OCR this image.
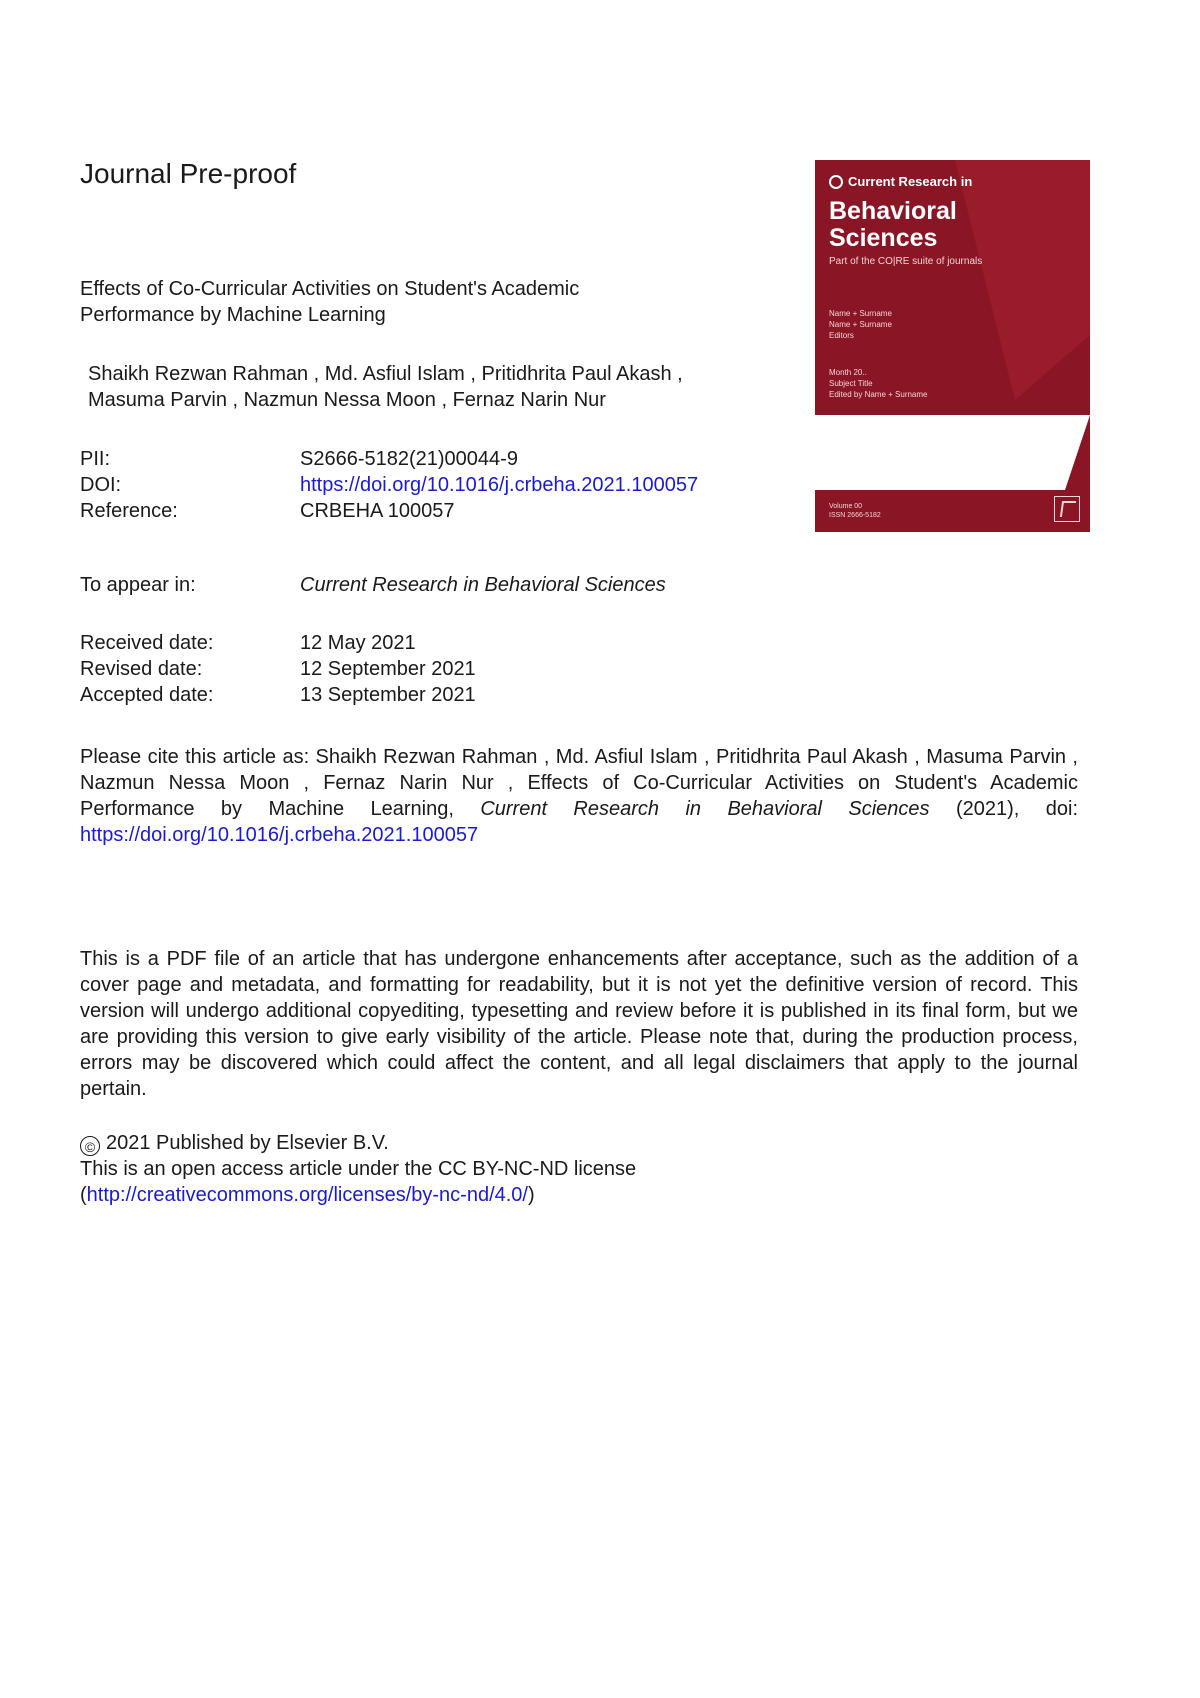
Journal Pre-proof
Effects of Co-Curricular Activities on Student's Academic
Performance by Machine Learning
Shaikh Rezwan Rahman , Md. Asfiul Islam , Pritidhrita Paul Akash ,
Masuma Parvin , Nazmun Nessa Moon , Fernaz Narin Nur
PII:	S2666-5182(21)00044-9
DOI:	https://doi.org/10.1016/j.crbeha.2021.100057
Reference:	CRBEHA 100057
To appear in:	Current Research in Behavioral Sciences
Received date:	12 May 2021
Revised date:	12 September 2021
Accepted date:	13 September 2021
Please cite this article as: Shaikh Rezwan Rahman , Md. Asfiul Islam , Pritidhrita Paul Akash , Masuma Parvin , Nazmun Nessa Moon , Fernaz Narin Nur , Effects of Co-Curricular Activities on Student's Academic Performance by Machine Learning, Current Research in Behavioral Sciences (2021), doi: https://doi.org/10.1016/j.crbeha.2021.100057
This is a PDF file of an article that has undergone enhancements after acceptance, such as the addition of a cover page and metadata, and formatting for readability, but it is not yet the definitive version of record. This version will undergo additional copyediting, typesetting and review before it is published in its final form, but we are providing this version to give early visibility of the article. Please note that, during the production process, errors may be discovered which could affect the content, and all legal disclaimers that apply to the journal pertain.
© 2021 Published by Elsevier B.V.
This is an open access article under the CC BY-NC-ND license
(http://creativecommons.org/licenses/by-nc-nd/4.0/)
Current Research in
Behavioral
Sciences
Part of the CO|RE suite of journals
Name + Surname
Name + Surname
Editors
Month 20..
Subject Title
Edited by Name + Surname
Volume 00
ISSN 2666-5182
